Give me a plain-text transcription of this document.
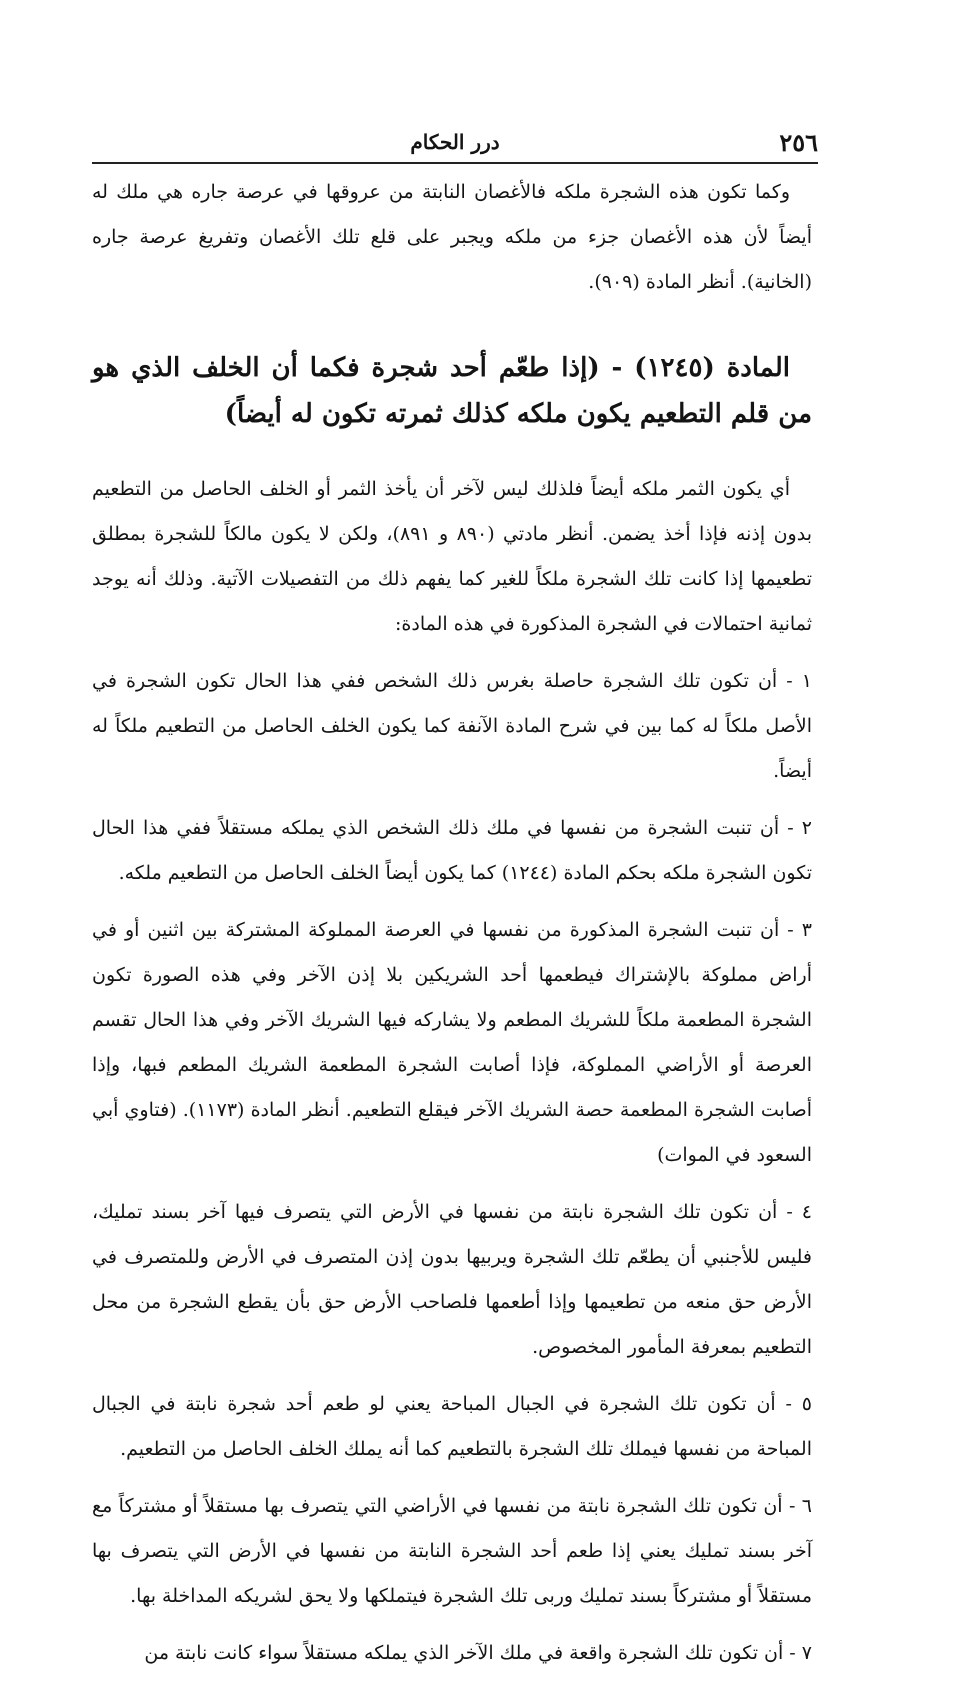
٢٥٦
درر الحكام

وكما تكون هذه الشجرة ملكه فالأغصان النابتة من عروقها في عرصة جاره هي ملك له أيضاً لأن هذه الأغصان جزء من ملكه ويجبر على قلع تلك الأغصان وتفريغ عرصة جاره (الخانية). أنظر المادة (٩٠٩).

المادة (١٢٤٥) - (إذا طعّم أحد شجرة فكما أن الخلف الذي هو من قلم التطعيم يكون ملكه كذلك ثمرته تكون له أيضاً)

أي يكون الثمر ملكه أيضاً فلذلك ليس لآخر أن يأخذ الثمر أو الخلف الحاصل من التطعيم بدون إذنه فإذا أخذ يضمن. أنظر مادتي (٨٩٠ و ٨٩١)، ولكن لا يكون مالكاً للشجرة بمطلق تطعيمها إذا كانت تلك الشجرة ملكاً للغير كما يفهم ذلك من التفصيلات الآتية. وذلك أنه يوجد ثمانية احتمالات في الشجرة المذكورة في هذه المادة:

١ - أن تكون تلك الشجرة حاصلة بغرس ذلك الشخص ففي هذا الحال تكون الشجرة في الأصل ملكاً له كما بين في شرح المادة الآنفة كما يكون الخلف الحاصل من التطعيم ملكاً له أيضاً.

٢ - أن تنبت الشجرة من نفسها في ملك ذلك الشخص الذي يملكه مستقلاً ففي هذا الحال تكون الشجرة ملكه بحكم المادة (١٢٤٤) كما يكون أيضاً الخلف الحاصل من التطعيم ملكه.

٣ - أن تنبت الشجرة المذكورة من نفسها في العرصة المملوكة المشتركة بين اثنين أو في أراض مملوكة بالإشتراك فيطعمها أحد الشريكين بلا إذن الآخر وفي هذه الصورة تكون الشجرة المطعمة ملكاً للشريك المطعم ولا يشاركه فيها الشريك الآخر وفي هذا الحال تقسم العرصة أو الأراضي المملوكة، فإذا أصابت الشجرة المطعمة الشريك المطعم فبها، وإذا أصابت الشجرة المطعمة حصة الشريك الآخر فيقلع التطعيم. أنظر المادة (١١٧٣). (فتاوي أبي السعود في الموات)

٤ - أن تكون تلك الشجرة نابتة من نفسها في الأرض التي يتصرف فيها آخر بسند تمليك، فليس للأجنبي أن يطعّم تلك الشجرة ويربيها بدون إذن المتصرف في الأرض وللمتصرف في الأرض حق منعه من تطعيمها وإذا أطعمها فلصاحب الأرض حق بأن يقطع الشجرة من محل التطعيم بمعرفة المأمور المخصوص.

٥ - أن تكون تلك الشجرة في الجبال المباحة يعني لو طعم أحد شجرة نابتة في الجبال المباحة من نفسها فيملك تلك الشجرة بالتطعيم كما أنه يملك الخلف الحاصل من التطعيم.

٦ - أن تكون تلك الشجرة نابتة من نفسها في الأراضي التي يتصرف بها مستقلاً أو مشتركاً مع آخر بسند تمليك يعني إذا طعم أحد الشجرة النابتة من نفسها في الأرض التي يتصرف بها مستقلاً أو مشتركاً بسند تمليك وربى تلك الشجرة فيتملكها ولا يحق لشريكه المداخلة بها.

٧ - أن تكون تلك الشجرة واقعة في ملك الآخر الذي يملكه مستقلاً سواء كانت نابتة من
